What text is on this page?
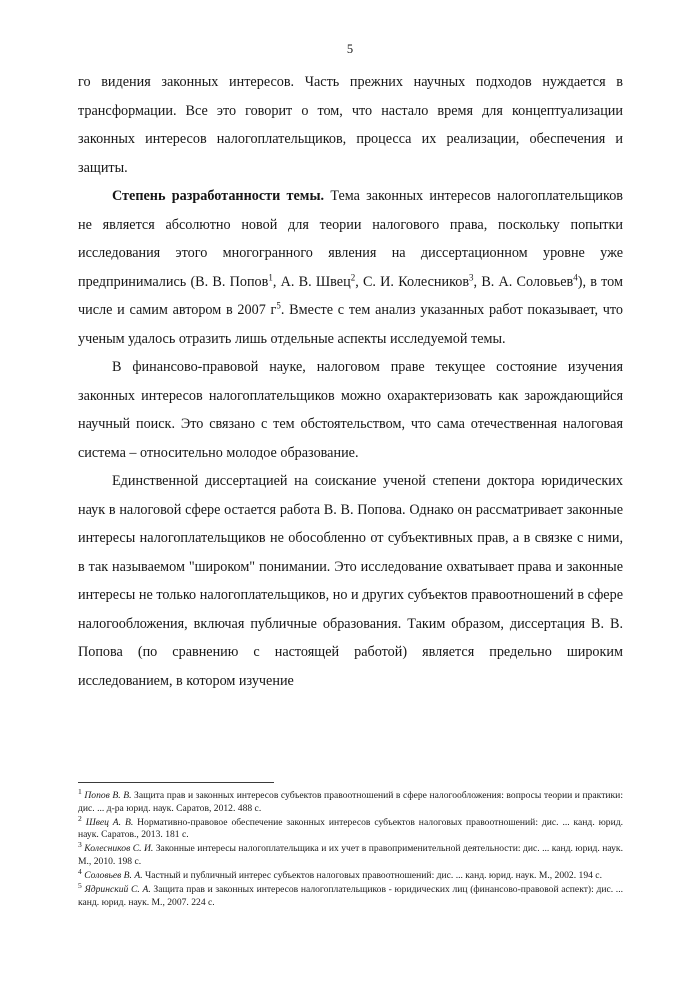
5

го видения законных интересов. Часть прежних научных подходов нуждается в трансформации. Все это говорит о том, что настало время для концептуализации законных интересов налогоплательщиков, процесса их реализации, обеспечения и защиты.

Степень разработанности темы. Тема законных интересов налогоплательщиков не является абсолютно новой для теории налогового права, поскольку попытки исследования этого многогранного явления на диссертационном уровне уже предпринимались (В. В. Попов$^1$, А. В. Швец$^2$, С. И. Колесников$^3$, В. А. Соловьев$^4$), в том числе и самим автором в 2007 $г^5$. Вместе с тем анализ указанных работ показывает, что ученым удалось отразить лишь отдельные аспекты исследуемой темы.

В финансово-правовой науке, налоговом праве текущее состояние изучения законных интересов налогоплательщиков можно охарактеризовать как зарождающийся научный поиск. Это связано с тем обстоятельством, что сама отечественная налоговая система – относительно молодое образование.

Единственной диссертацией на соискание ученой степени доктора юридических наук в налоговой сфере остается работа В. В. Попова. Однако он рассматривает законные интересы налогоплательщиков не обособленно от субъективных прав, а в связке с ними, в так называемом "широком" понимании. Это исследование охватывает права и законные интересы не только налогоплательщиков, но и других субъектов правоотношений в сфере налогообложения, включая публичные образования. Таким образом, диссертация В. В. Попова (по сравнению с настоящей работой) является предельно широким исследованием, в котором изучение

$^1$ Попов В. В. Защита прав и законных интересов субъектов правоотношений в сфере налогообложения: вопросы теории и практики: дис. ... д-ра юрид. наук. Саратов, 2012. 488 с.
$^2$ Швец А. В. Нормативно-правовое обеспечение законных интересов субъектов налоговых правоотношений: дис. ... канд. юрид. наук. Саратов., 2013. 181 с.
$^3$ Колесников С. И. Законные интересы налогоплательщика и их учет в правоприменительной деятельности: дис. ... канд. юрид. наук. М., 2010. 198 с.
$^4$ Соловьев В. А. Частный и публичный интерес субъектов налоговых правоотношений: дис. ... канд. юрид. наук. М., 2002. 194 с.
$^5$ Ядринский С. А. Защита прав и законных интересов налогоплательщиков - юридических лиц (финансово-правовой аспект): дис. ... канд. юрид. наук. М., 2007. 224 с.
